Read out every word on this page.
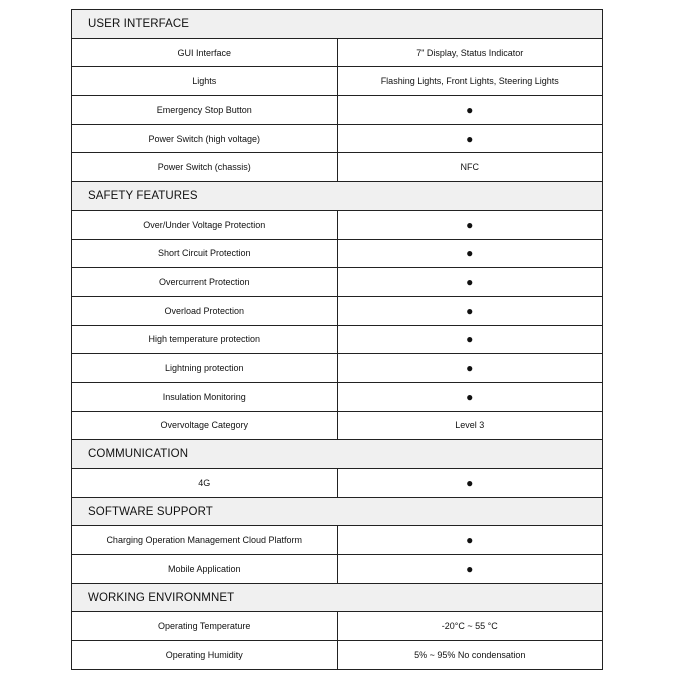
USER INTERFACE	
GUI Interface	7" Display, Status Indicator
Lights	Flashing Lights, Front Lights, Steering Lights
Emergency Stop Button	●
Power Switch (high voltage)	●
Power Switch (chassis)	NFC
SAFETY FEATURES	
Over/Under Voltage Protection	●
Short Circuit Protection	●
Overcurrent Protection	●
Overload Protection	●
High temperature protection	●
Lightning protection	●
Insulation Monitoring	●
Overvoltage Category	Level 3
COMMUNICATION	
4G	●
SOFTWARE SUPPORT	
Charging Operation Management Cloud Platform	●
Mobile Application	●
WORKING ENVIRONMNET	
Operating Temperature	-20°C ~ 55 °C
Operating Humidity	5% ~ 95% No condensation
